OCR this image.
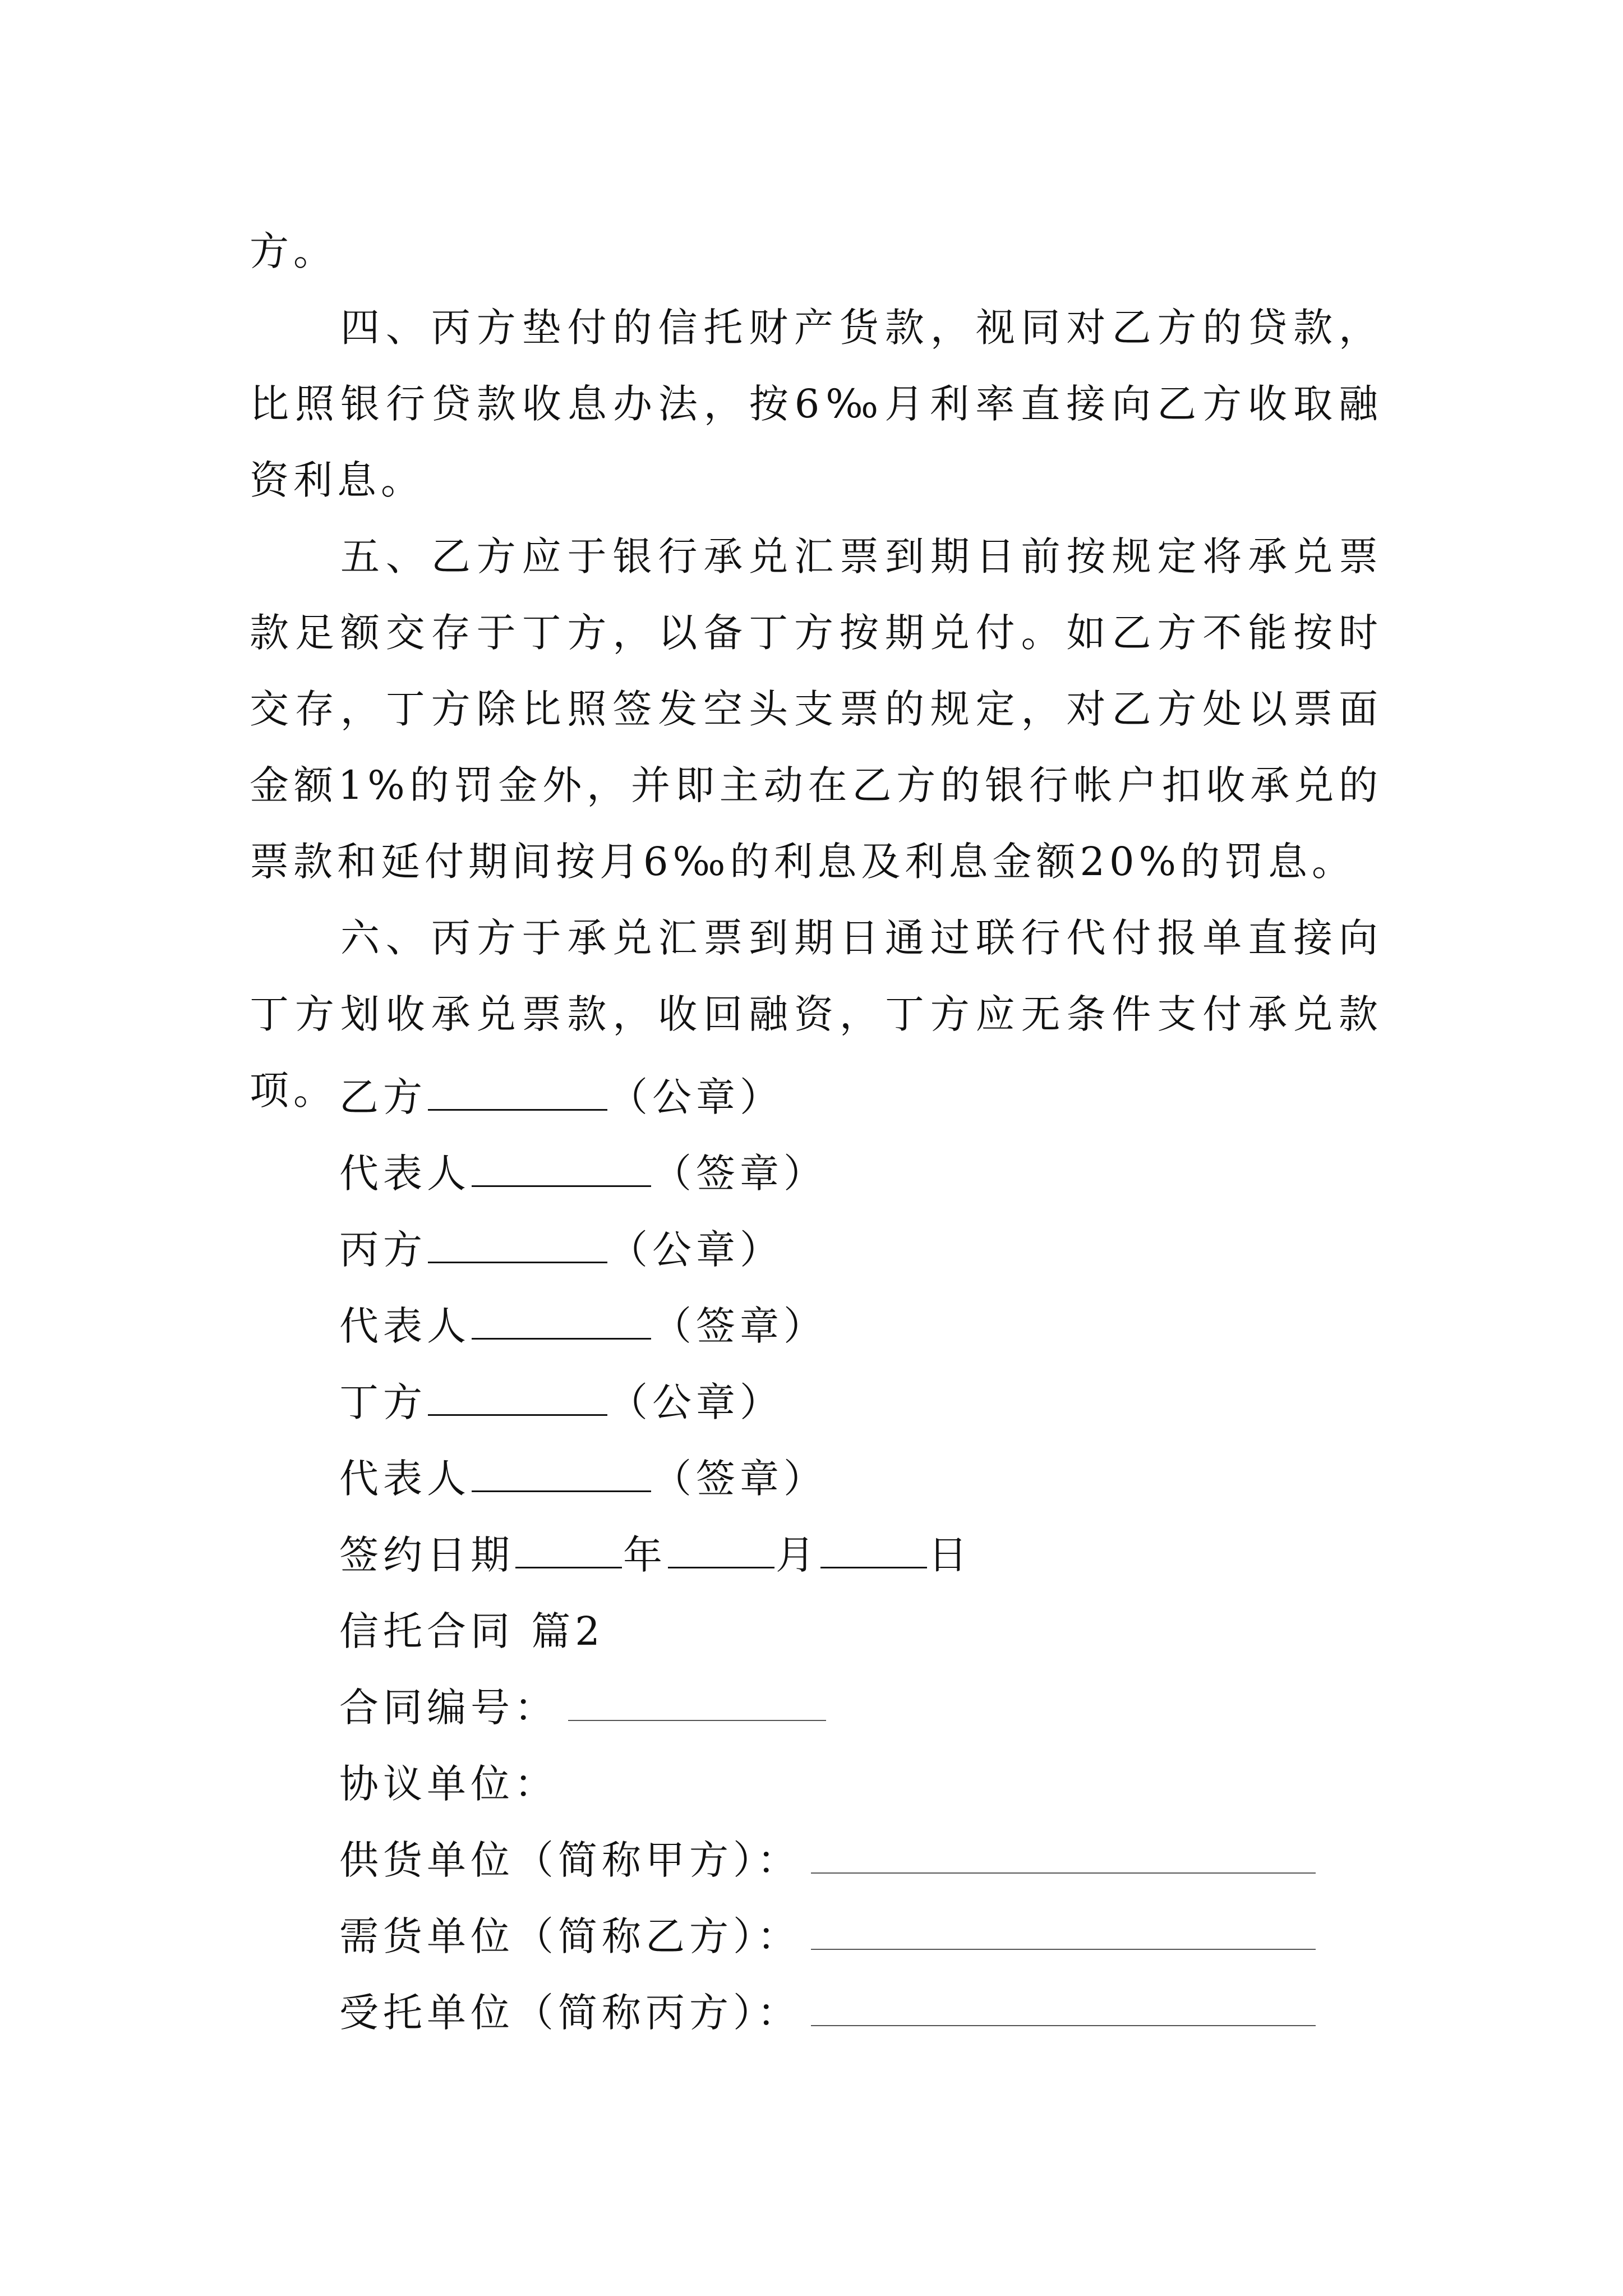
方。

四、丙方垫付的信托财产货款，视同对乙方的贷款，比照银行贷款收息办法，按6‰月利率直接向乙方收取融资利息。

五、乙方应于银行承兑汇票到期日前按规定将承兑票款足额交存于丁方，以备丁方按期兑付。如乙方不能按时交存，丁方除比照签发空头支票的规定，对乙方处以票面金额1%的罚金外，并即主动在乙方的银行帐户扣收承兑的票款和延付期间按月6‰的利息及利息金额20%的罚息。

六、丙方于承兑汇票到期日通过联行代付报单直接向丁方划收承兑票款，收回融资，丁方应无条件支付承兑款项。 乙方	（公章）

代表人	（签章）

丙方	（公章）

代表人	（签章）

丁方	（公章）

代表人	（签章）

签约日期	年	月	日

信托合同 篇2

合同编号：

协议单位：

供货单位（简称甲方）：

需货单位（简称乙方）：

受托单位（简称丙方）：
